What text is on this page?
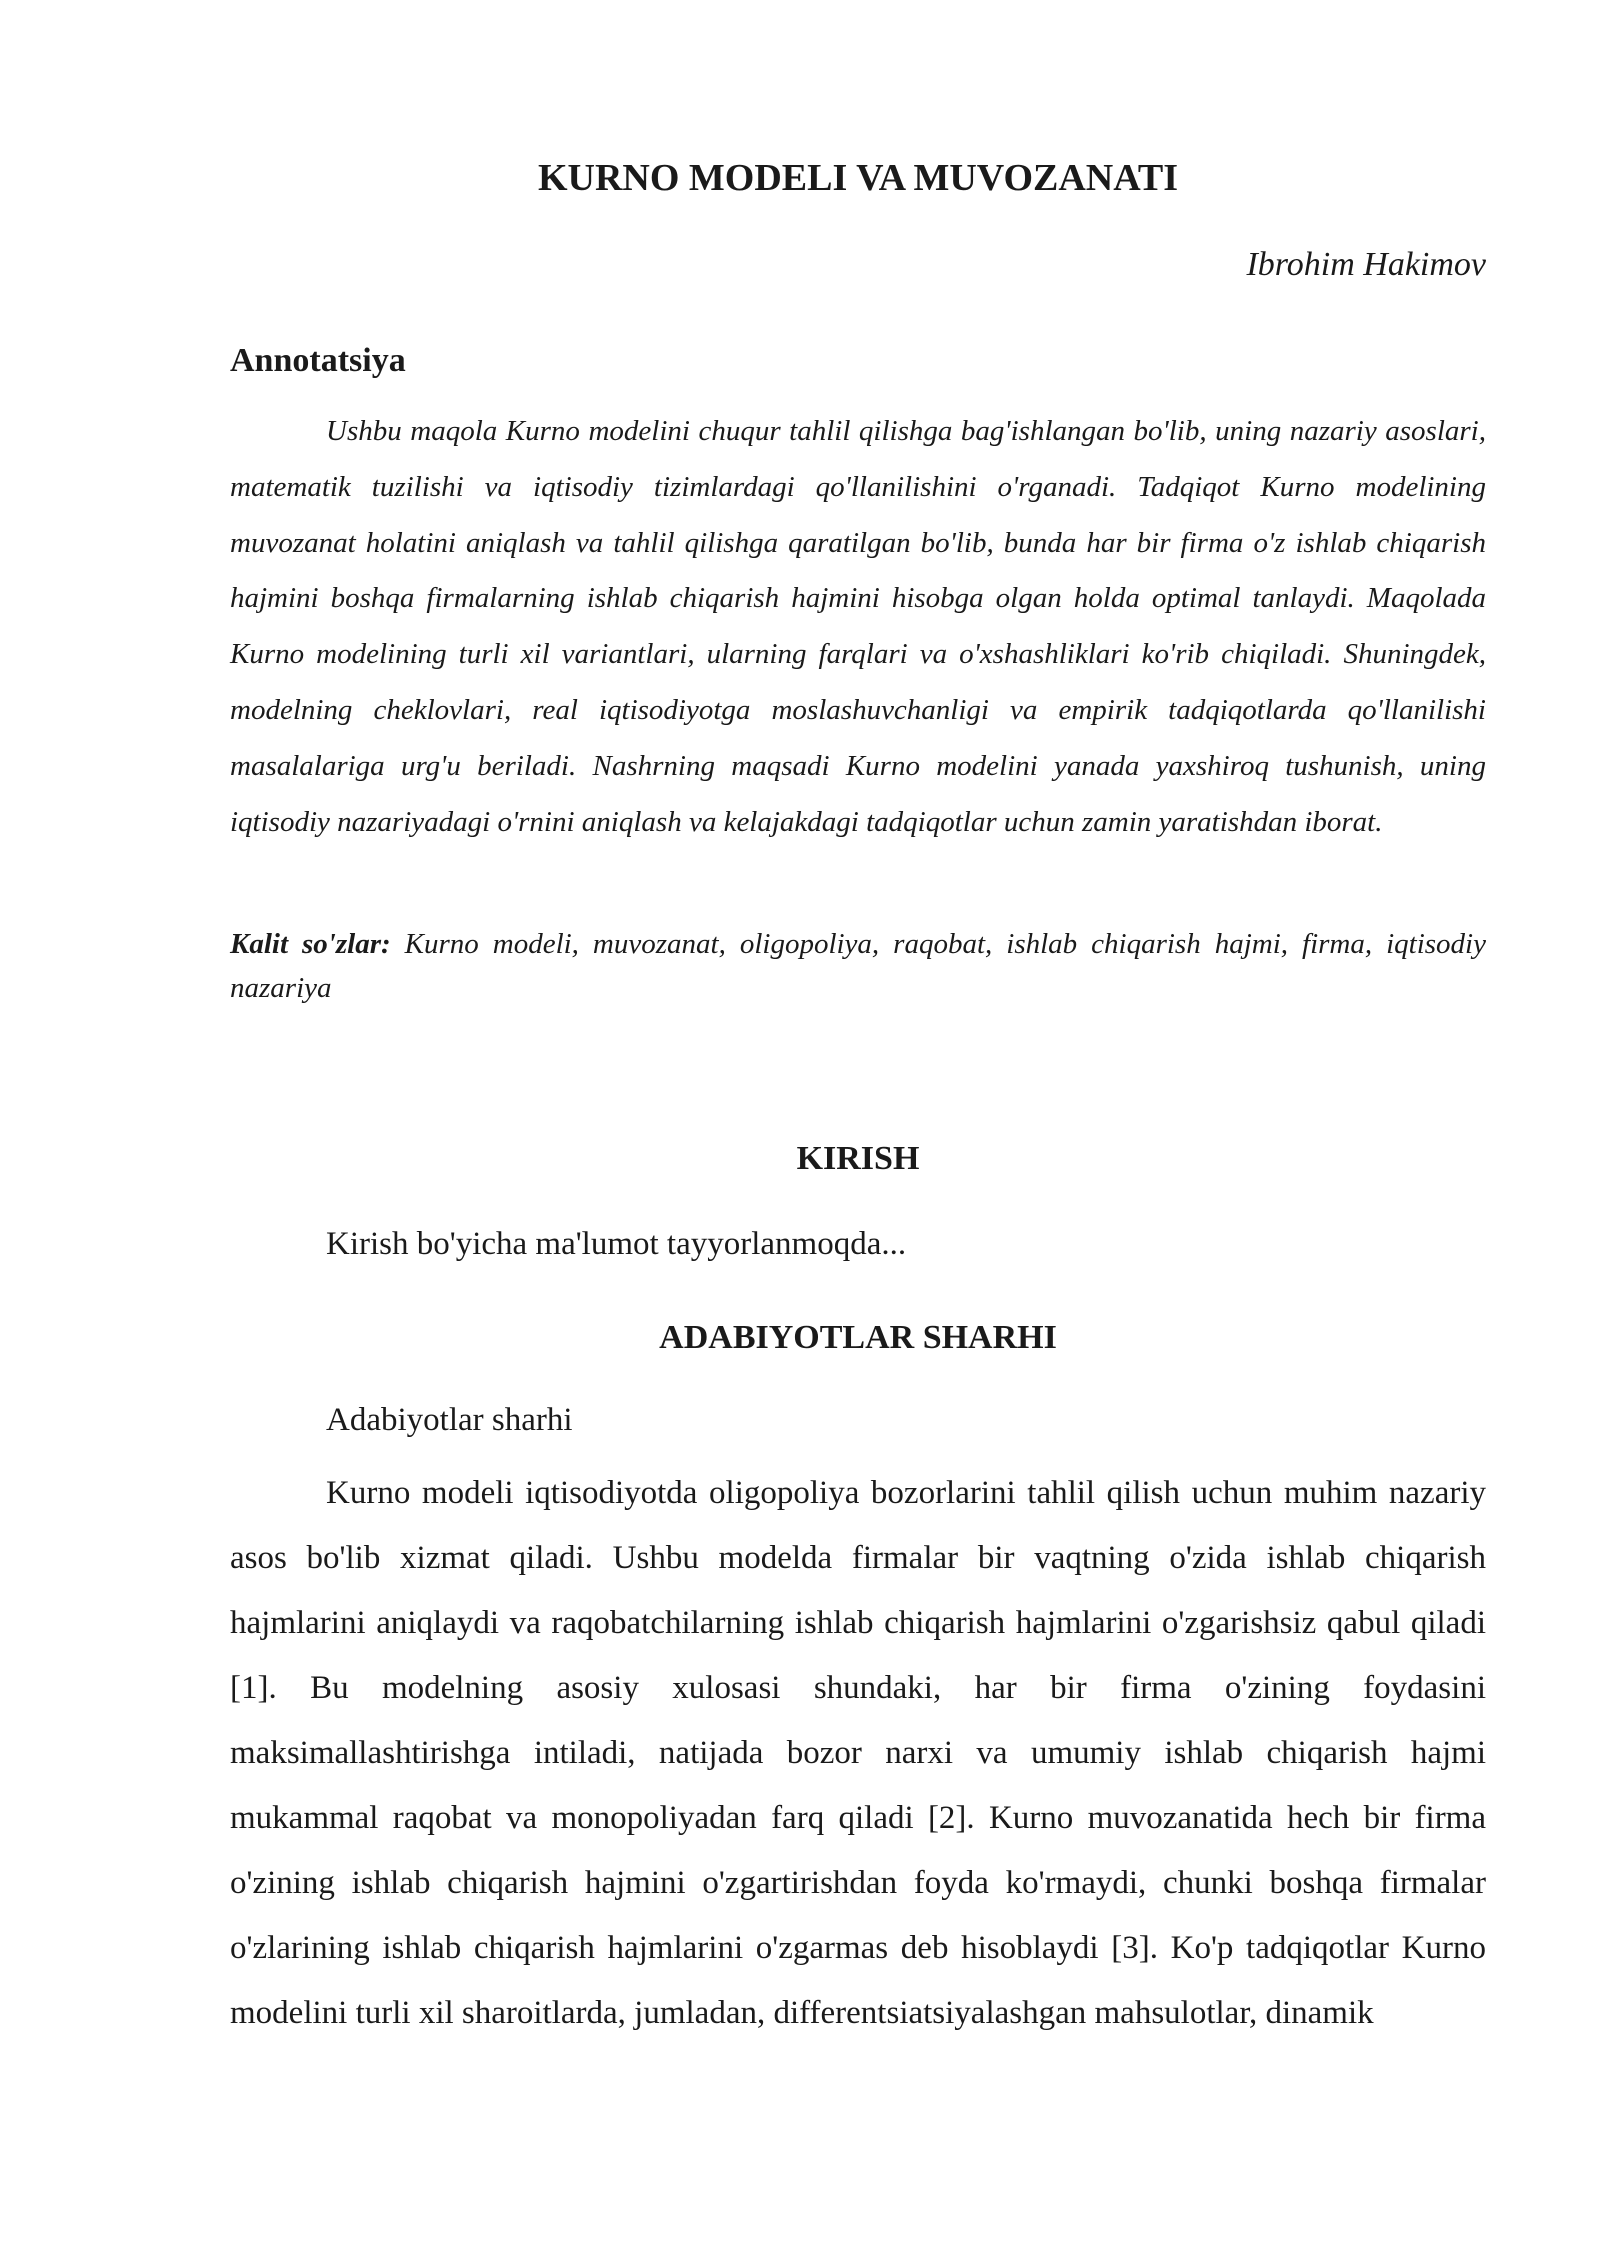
KURNO MODELI VA MUVOZANATI

Ibrohim Hakimov

Annotatsiya

Ushbu maqola Kurno modelini chuqur tahlil qilishga bag'ishlangan bo'lib, uning nazariy asoslari, matematik tuzilishi va iqtisodiy tizimlardagi qo'llanilishini o'rganadi. Tadqiqot Kurno modelining muvozanat holatini aniqlash va tahlil qilishga qaratilgan bo'lib, bunda har bir firma o'z ishlab chiqarish hajmini boshqa firmalarning ishlab chiqarish hajmini hisobga olgan holda optimal tanlaydi. Maqolada Kurno modelining turli xil variantlari, ularning farqlari va o'xshashliklari ko'rib chiqiladi. Shuningdek, modelning cheklovlari, real iqtisodiyotga moslashuvchanligi va empirik tadqiqotlarda qo'llanilishi masalalariga urg'u beriladi. Nashrning maqsadi Kurno modelini yanada yaxshiroq tushunish, uning iqtisodiy nazariyadagi o'rnini aniqlash va kelajakdagi tadqiqotlar uchun zamin yaratishdan iborat.

Kalit so'zlar: Kurno modeli, muvozanat, oligopoliya, raqobat, ishlab chiqarish hajmi, firma, iqtisodiy nazariya

KIRISH

Kirish bo'yicha ma'lumot tayyorlanmoqda...

ADABIYOTLAR SHARHI

Adabiyotlar sharhi

Kurno modeli iqtisodiyotda oligopoliya bozorlarini tahlil qilish uchun muhim nazariy asos bo'lib xizmat qiladi. Ushbu modelda firmalar bir vaqtning o'zida ishlab chiqarish hajmlarini aniqlaydi va raqobatchilarning ishlab chiqarish hajmlarini o'zgarishsiz qabul qiladi [1]. Bu modelning asosiy xulosasi shundaki, har bir firma o'zining foydasini maksimallashtirishga intiladi, natijada bozor narxi va umumiy ishlab chiqarish hajmi mukammal raqobat va monopoliyadan farq qiladi [2]. Kurno muvozanatida hech bir firma o'zining ishlab chiqarish hajmini o'zgartirishdan foyda ko'rmaydi, chunki boshqa firmalar o'zlarining ishlab chiqarish hajmlarini o'zgarmas deb hisoblaydi [3]. Ko'p tadqiqotlar Kurno modelini turli xil sharoitlarda, jumladan, differentsiatsiyalashgan mahsulotlar, dinamik
